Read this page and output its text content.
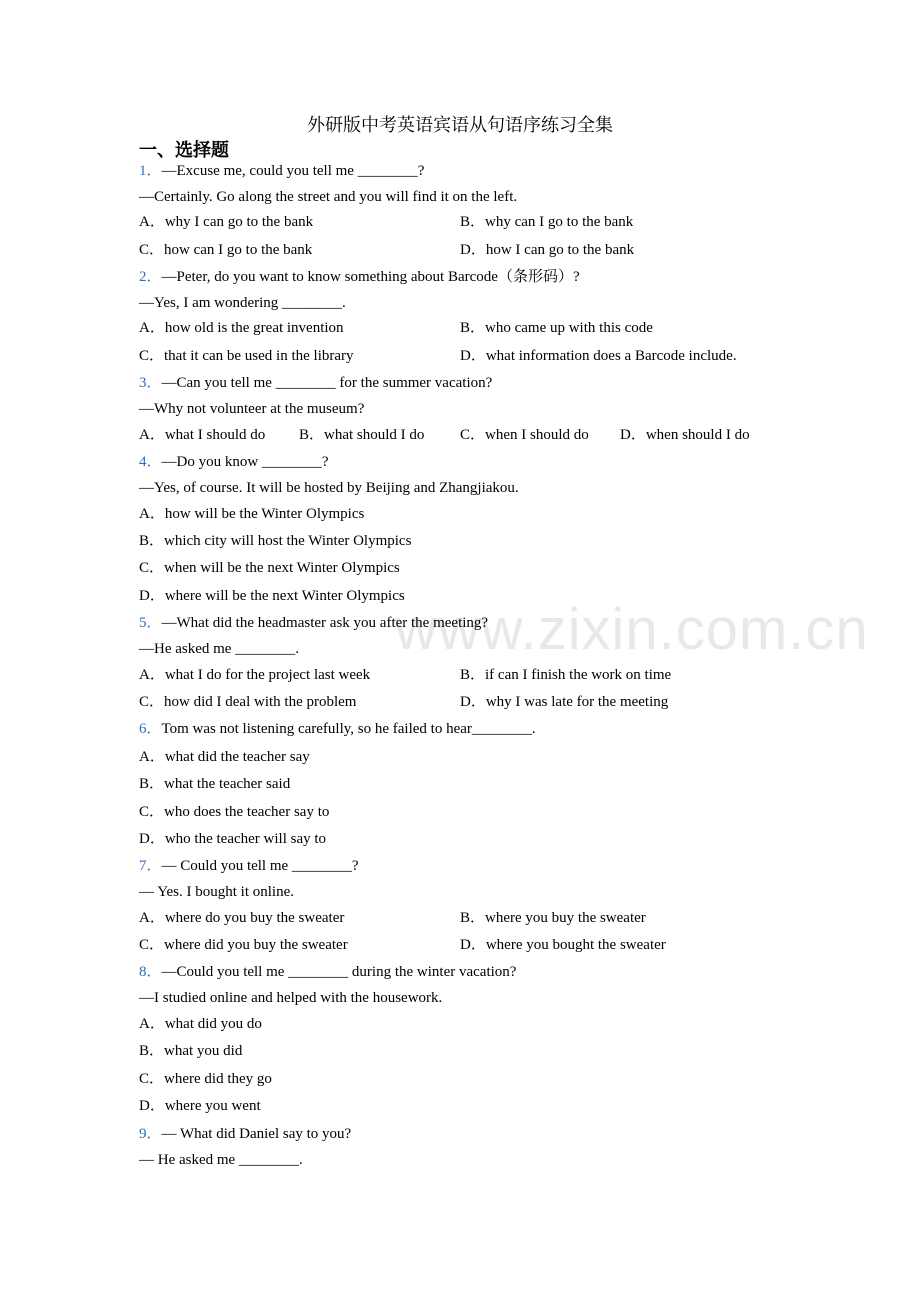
外研版中考英语宾语从句语序练习全集
一、选择题
www.zixin.com.cn
1．—Excuse me, could you tell me ________?
—Certainly. Go along the street and you will find it on the left.
A．why I can go to the bank	B．why can I go to the bank
C．how can I go to the bank	D．how I can go to the bank
2．—Peter, do you want to know something about Barcode（条形码）?
—Yes, I am wondering ________.
A．how old is the great invention	B．who came up with this code
C．that it can be used in the library	D．what information does a Barcode include.
3．—Can you tell me ________ for the summer vacation?
—Why not volunteer at the museum?
A．what I should do B．what should I do C．when I should do D．when should I do
4．—Do you know ________?
—Yes, of course. It will be hosted by Beijing and Zhangjiakou.
A．how will be the Winter Olympics
B．which city will host the Winter Olympics
C．when will be the next Winter Olympics
D．where will be the next Winter Olympics
5．—What did the headmaster ask you after the meeting?
—He asked me ________.
A．what I do for the project last week	B．if can I finish the work on time
C．how did I deal with the problem	D．why I was late for the meeting
6．Tom was not listening carefully, so he failed to hear________.
A．what did the teacher say
B．what the teacher said
C．who does the teacher say to
D．who the teacher will say to
7．— Could you tell me ________?
— Yes. I bought it online.
A．where do you buy the sweater	B．where you buy the sweater
C．where did you buy the sweater	D．where you bought the sweater
8．—Could you tell me ________ during the winter vacation?
—I studied online and helped with the housework.
A．what did you do
B．what you did
C．where did they go
D．where you went
9．— What did Daniel say to you?
— He asked me ________.
